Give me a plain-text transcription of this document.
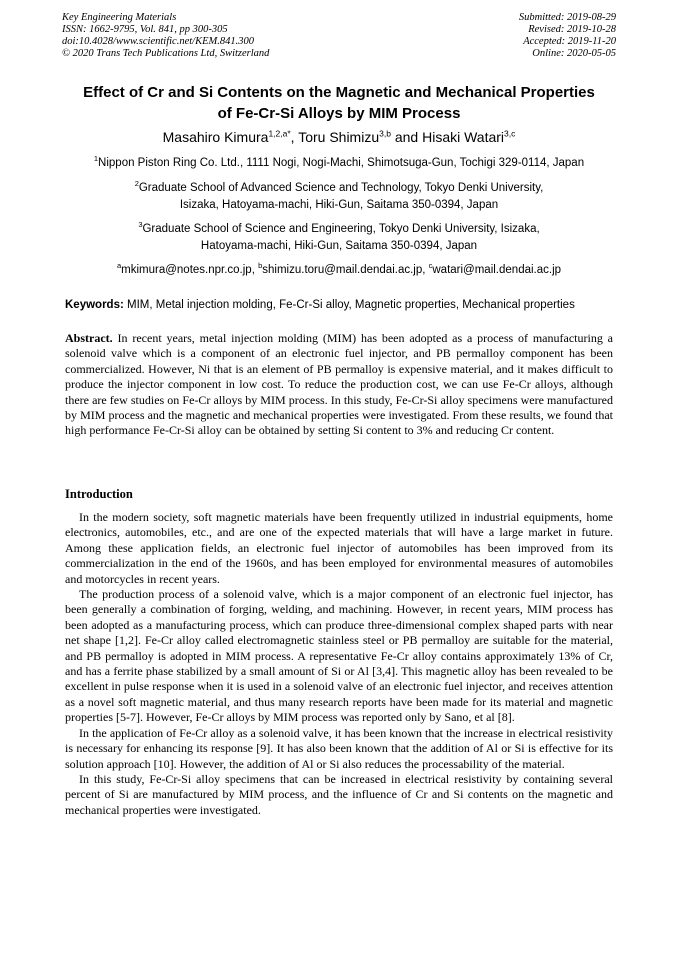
Key Engineering Materials
ISSN: 1662-9795, Vol. 841, pp 300-305
doi:10.4028/www.scientific.net/KEM.841.300
© 2020 Trans Tech Publications Ltd, Switzerland
Submitted: 2019-08-29
Revised: 2019-10-28
Accepted: 2019-11-20
Online: 2020-05-05
Effect of Cr and Si Contents on the Magnetic and Mechanical Properties
of Fe-Cr-Si Alloys by MIM Process
Masahiro Kimura$^{1,2,a*}$, Toru Shimizu$^{3,b}$ and Hisaki Watari$^{3,c}$
$^1$Nippon Piston Ring Co. Ltd., 1111 Nogi, Nogi-Machi, Shimotsuga-Gun, Tochigi 329-0114, Japan
$^2$Graduate School of Advanced Science and Technology, Tokyo Denki University,
Isizaka, Hatoyama-machi, Hiki-Gun, Saitama 350-0394, Japan
$^3$Graduate School of Science and Engineering, Tokyo Denki University, Isizaka,
Hatoyama-machi, Hiki-Gun, Saitama 350-0394, Japan
$^a$mkimura@notes.npr.co.jp, $^b$shimizu.toru@mail.dendai.ac.jp, $^c$watari@mail.dendai.ac.jp
Keywords: MIM, Metal injection molding, Fe-Cr-Si alloy, Magnetic properties, Mechanical properties
Abstract. In recent years, metal injection molding (MIM) has been adopted as a process of manufacturing a solenoid valve which is a component of an electronic fuel injector, and PB permalloy component has been commercialized. However, Ni that is an element of PB permalloy is expensive material, and it makes difficult to produce the injector component in low cost. To reduce the production cost, we can use Fe-Cr alloys, although there are few studies on Fe-Cr alloys by MIM process. In this study, Fe-Cr-Si alloy specimens were manufactured by MIM process and the magnetic and mechanical properties were investigated. From these results, we found that high performance Fe-Cr-Si alloy can be obtained by setting Si content to 3% and reducing Cr content.
Introduction

In the modern society, soft magnetic materials have been frequently utilized in industrial equipments, home electronics, automobiles, etc., and are one of the expected materials that will have a large market in future. Among these application fields, an electronic fuel injector of automobiles has been improved from its commercialization in the end of the 1960s, and has been employed for environmental measures of automobiles and motorcycles in recent years.

The production process of a solenoid valve, which is a major component of an electronic fuel injector, has been generally a combination of forging, welding, and machining. However, in recent years, MIM process has been adopted as a manufacturing process, which can produce three-dimensional complex shaped parts with near net shape [1,2]. Fe-Cr alloy called electromagnetic stainless steel or PB permalloy are suitable for the material, and PB permalloy is adopted in MIM process. A representative Fe-Cr alloy contains approximately 13% of Cr, and has a ferrite phase stabilized by a small amount of Si or Al [3,4]. This magnetic alloy has been revealed to be excellent in pulse response when it is used in a solenoid valve of an electronic fuel injector, and receives attention as a novel soft magnetic material, and thus many research reports have been made for its material and magnetic properties [5-7]. However, Fe-Cr alloys by MIM process was reported only by Sano, et al [8].

In the application of Fe-Cr alloy as a solenoid valve, it has been known that the increase in electrical resistivity is necessary for enhancing its response [9]. It has also been known that the addition of Al or Si is effective for its solution approach [10]. However, the addition of Al or Si also reduces the processability of the material.

In this study, Fe-Cr-Si alloy specimens that can be increased in electrical resistivity by containing several percent of Si are manufactured by MIM process, and the influence of Cr and Si contents on the magnetic and mechanical properties were investigated.
